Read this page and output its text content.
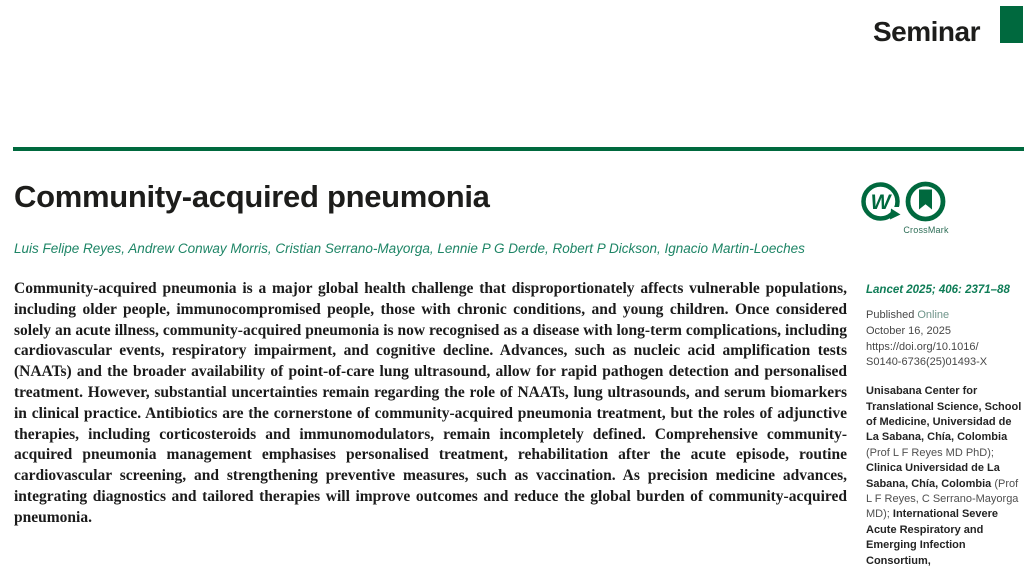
Seminar
Community-acquired pneumonia	W
CrossMark

Luis Felipe Reyes, Andrew Conway Morris, Cristian Serrano-Mayorga, Lennie P G Derde, Robert P Dickson, Ignacio Martin-Loeches

Community-acquired pneumonia is a major global health challenge that disproportionately affects vulnerable populations, including older people, immunocompromised people, those with chronic conditions, and young children. Once considered solely an acute illness, community-acquired pneumonia is now recognised as a disease with long-term complications, including cardiovascular events, respiratory impairment, and cognitive decline. Advances, such as nucleic acid amplification tests (NAATs) and the broader availability of point-of-care lung ultrasound, allow for rapid pathogen detection and personalised treatment. However, substantial uncertainties remain regarding the role of NAATs, lung ultrasounds, and serum biomarkers in clinical practice. Antibiotics are the cornerstone of community-acquired pneumonia treatment, but the roles of adjunctive therapies, including corticosteroids and immunomodulators, remain incompletely defined. Comprehensive community-acquired pneumonia management emphasises personalised treatment, rehabilitation after the acute episode, routine cardiovascular screening, and strengthening preventive measures, such as vaccination. As precision medicine advances, integrating diagnostics and tailored therapies will improve outcomes and reduce the global burden of community-acquired pneumonia.

Lancet 2025; 406: 2371–88

Published Online
October 16, 2025
https://doi.org/10.1016/
S0140-6736(25)01493-X

Unisabana Center for Translational Science, School of Medicine, Universidad de La Sabana, Chía, Colombia (Prof L F Reyes MD PhD); Clinica Universidad de La Sabana, Chía, Colombia (Prof L F Reyes, C Serrano-Mayorga MD); International Severe Acute Respiratory and Emerging Infection Consortium,
